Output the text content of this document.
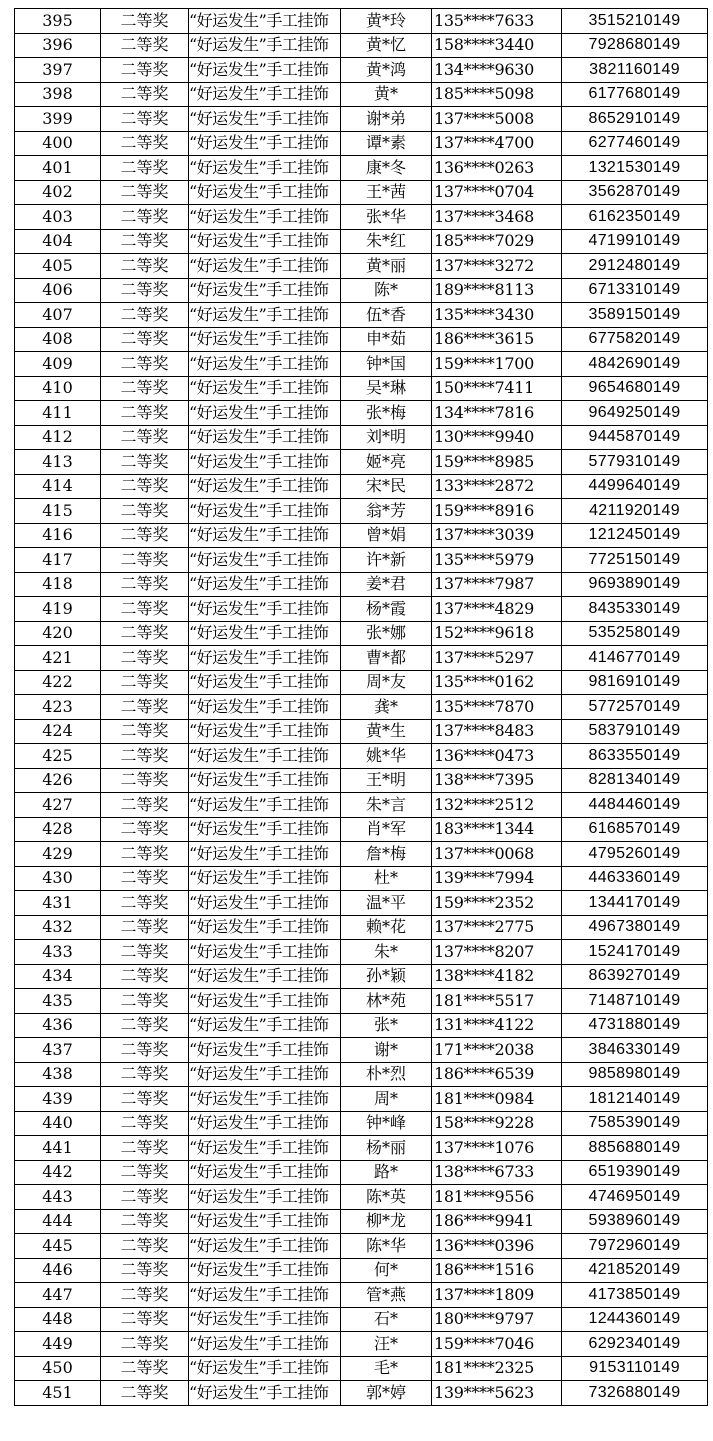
395	二等奖	“好运发生”手工挂饰	黄*玲	135****7633	3515210149
396	二等奖	“好运发生”手工挂饰	黄*忆	158****3440	7928680149
397	二等奖	“好运发生”手工挂饰	黄*鸿	134****9630	3821160149
398	二等奖	“好运发生”手工挂饰	黄*	185****5098	6177680149
399	二等奖	“好运发生”手工挂饰	谢*弟	137****5008	8652910149
400	二等奖	“好运发生”手工挂饰	谭*素	137****4700	6277460149
401	二等奖	“好运发生”手工挂饰	康*冬	136****0263	1321530149
402	二等奖	“好运发生”手工挂饰	王*茜	137****0704	3562870149
403	二等奖	“好运发生”手工挂饰	张*华	137****3468	6162350149
404	二等奖	“好运发生”手工挂饰	朱*红	185****7029	4719910149
405	二等奖	“好运发生”手工挂饰	黄*丽	137****3272	2912480149
406	二等奖	“好运发生”手工挂饰	陈*	189****8113	6713310149
407	二等奖	“好运发生”手工挂饰	伍*香	135****3430	3589150149
408	二等奖	“好运发生”手工挂饰	申*茹	186****3615	6775820149
409	二等奖	“好运发生”手工挂饰	钟*国	159****1700	4842690149
410	二等奖	“好运发生”手工挂饰	吴*琳	150****7411	9654680149
411	二等奖	“好运发生”手工挂饰	张*梅	134****7816	9649250149
412	二等奖	“好运发生”手工挂饰	刘*明	130****9940	9445870149
413	二等奖	“好运发生”手工挂饰	姬*亮	159****8985	5779310149
414	二等奖	“好运发生”手工挂饰	宋*民	133****2872	4499640149
415	二等奖	“好运发生”手工挂饰	翁*芳	159****8916	4211920149
416	二等奖	“好运发生”手工挂饰	曾*娟	137****3039	1212450149
417	二等奖	“好运发生”手工挂饰	许*新	135****5979	7725150149
418	二等奖	“好运发生”手工挂饰	姜*君	137****7987	9693890149
419	二等奖	“好运发生”手工挂饰	杨*霞	137****4829	8435330149
420	二等奖	“好运发生”手工挂饰	张*娜	152****9618	5352580149
421	二等奖	“好运发生”手工挂饰	曹*都	137****5297	4146770149
422	二等奖	“好运发生”手工挂饰	周*友	135****0162	9816910149
423	二等奖	“好运发生”手工挂饰	龚*	135****7870	5772570149
424	二等奖	“好运发生”手工挂饰	黄*生	137****8483	5837910149
425	二等奖	“好运发生”手工挂饰	姚*华	136****0473	8633550149
426	二等奖	“好运发生”手工挂饰	王*明	138****7395	8281340149
427	二等奖	“好运发生”手工挂饰	朱*言	132****2512	4484460149
428	二等奖	“好运发生”手工挂饰	肖*军	183****1344	6168570149
429	二等奖	“好运发生”手工挂饰	詹*梅	137****0068	4795260149
430	二等奖	“好运发生”手工挂饰	杜*	139****7994	4463360149
431	二等奖	“好运发生”手工挂饰	温*平	159****2352	1344170149
432	二等奖	“好运发生”手工挂饰	赖*花	137****2775	4967380149
433	二等奖	“好运发生”手工挂饰	朱*	137****8207	1524170149
434	二等奖	“好运发生”手工挂饰	孙*颖	138****4182	8639270149
435	二等奖	“好运发生”手工挂饰	林*苑	181****5517	7148710149
436	二等奖	“好运发生”手工挂饰	张*	131****4122	4731880149
437	二等奖	“好运发生”手工挂饰	谢*	171****2038	3846330149
438	二等奖	“好运发生”手工挂饰	朴*烈	186****6539	9858980149
439	二等奖	“好运发生”手工挂饰	周*	181****0984	1812140149
440	二等奖	“好运发生”手工挂饰	钟*峰	158****9228	7585390149
441	二等奖	“好运发生”手工挂饰	杨*丽	137****1076	8856880149
442	二等奖	“好运发生”手工挂饰	路*	138****6733	6519390149
443	二等奖	“好运发生”手工挂饰	陈*英	181****9556	4746950149
444	二等奖	“好运发生”手工挂饰	柳*龙	186****9941	5938960149
445	二等奖	“好运发生”手工挂饰	陈*华	136****0396	7972960149
446	二等奖	“好运发生”手工挂饰	何*	186****1516	4218520149
447	二等奖	“好运发生”手工挂饰	管*燕	137****1809	4173850149
448	二等奖	“好运发生”手工挂饰	石*	180****9797	1244360149
449	二等奖	“好运发生”手工挂饰	汪*	159****7046	6292340149
450	二等奖	“好运发生”手工挂饰	毛*	181****2325	9153110149
451	二等奖	“好运发生”手工挂饰	郭*婷	139****5623	7326880149
